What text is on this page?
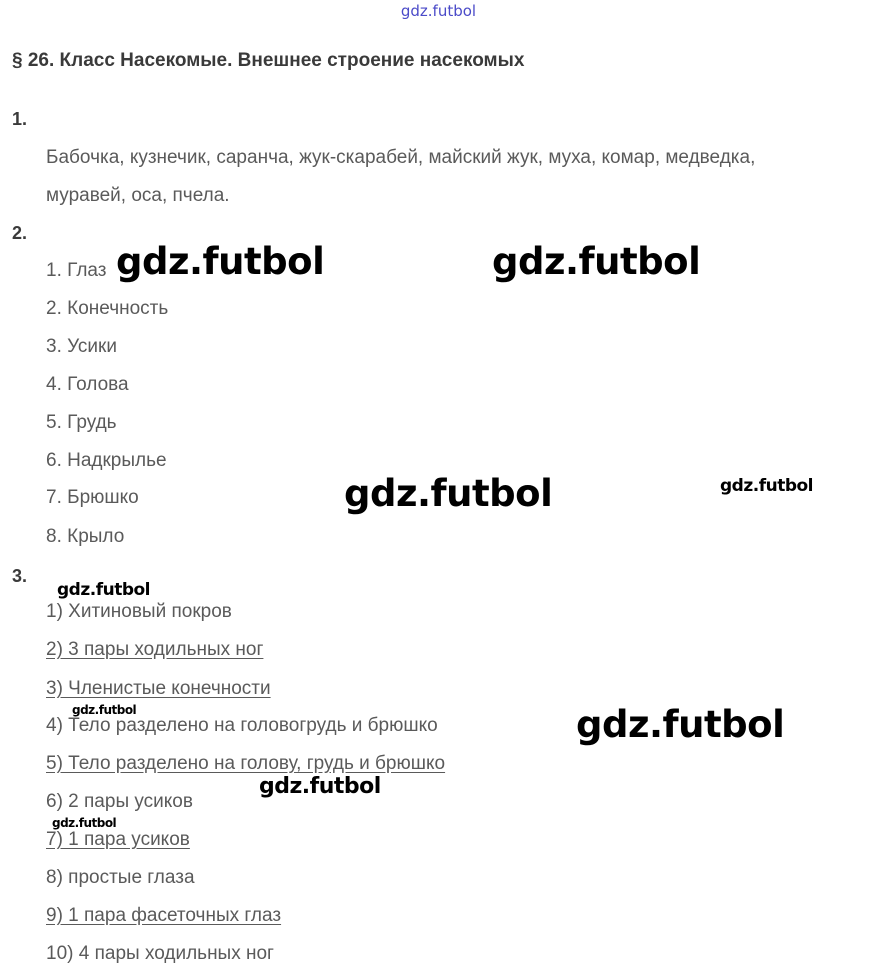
gdz.futbol
§ 26. Класс Насекомые. Внешнее строение насекомых
1.
Бабочка, кузнечик, саранча, жук-скарабей, майский жук, муха, комар, медведка,
муравей, оса, пчела.
2.
1. Глаз
2. Конечность
3. Усики
4. Голова
5. Грудь
6. Надкрылье
7. Брюшко
8. Крыло
3.
1) Хитиновый покров
2) 3 пары ходильных ног
3) Членистые конечности
4) Тело разделено на головогрудь и брюшко
5) Тело разделено на голову, грудь и брюшко
6) 2 пары усиков
7) 1 пара усиков
8) простые глаза
9) 1 пара фасеточных глаз
10) 4 пары ходильных ног
gdz.futbol	gdz.futbol
gdz.futbol	gdz.futbol
gdz.futbol
gdz.futbol	gdz.futbol
gdz.futbol
gdz.futbol
